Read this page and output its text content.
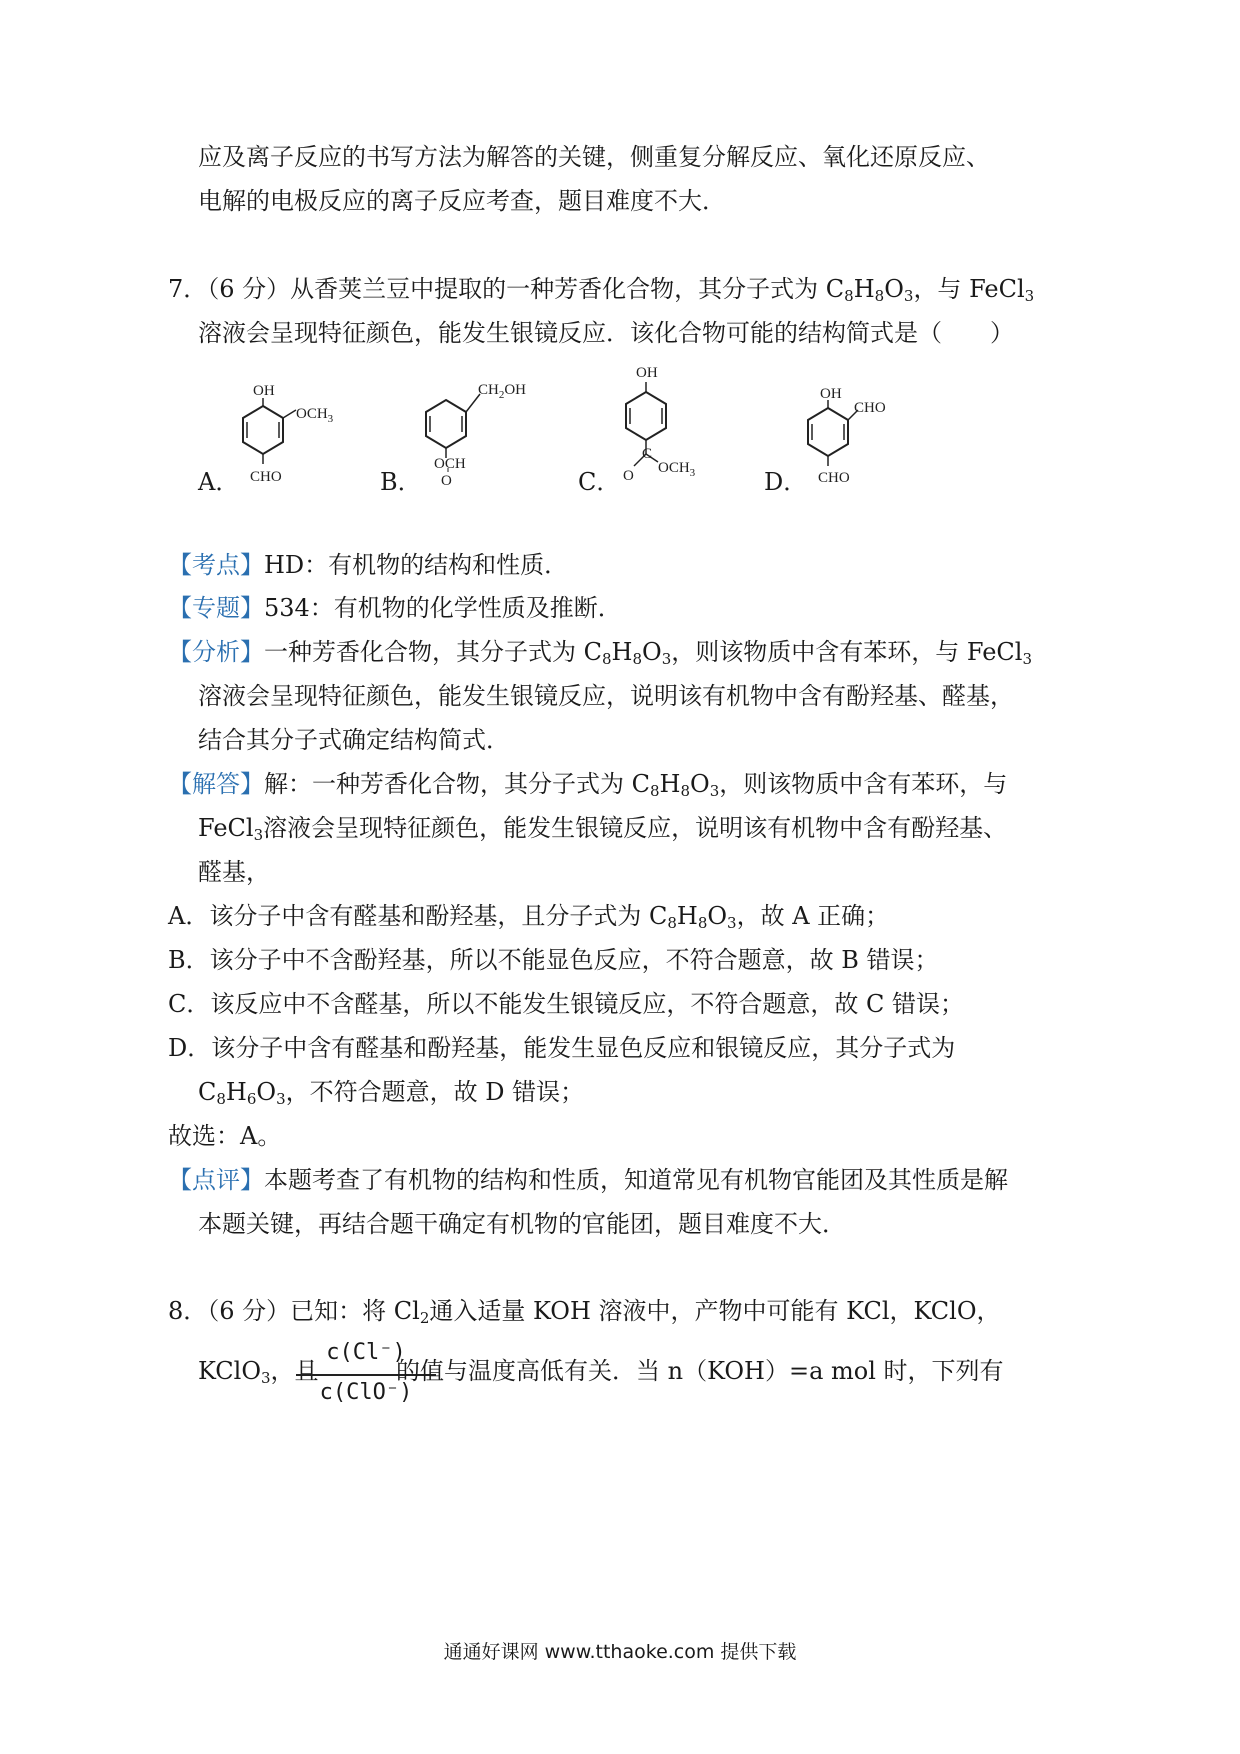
应及离子反应的书写方法为解答的关键，侧重复分解反应、氧化还原反应、
电解的电极反应的离子反应考查，题目难度不大．
7．（6 分）从香荚兰豆中提取的一种芳香化合物，其分子式为 $C_8H_8O_3$，与 FeCl$_3$
溶液会呈现特征颜色，能发生银镜反应．该化合物可能的结构简式是（　　）
A．
OH
$OCH_3$
CHO	B．
$CH_2OH$
OCH
O	C．
OH
C
O $OCH_3$	D．
OH
CHO
CHO
【考点】HD：有机物的结构和性质．
【专题】534：有机物的化学性质及推断．
【分析】一种芳香化合物，其分子式为 $C_8H_8O_3$，则该物质中含有苯环，与 FeCl$_3$
溶液会呈现特征颜色，能发生银镜反应，说明该有机物中含有酚羟基、醛基，
结合其分子式确定结构简式．
【解答】解：一种芳香化合物，其分子式为 $C_8H_8O_3$，则该物质中含有苯环，与
FeCl$_3$溶液会呈现特征颜色，能发生银镜反应，说明该有机物中含有酚羟基、
醛基，
A．该分子中含有醛基和酚羟基，且分子式为 $C_8H_8O_3$，故 A 正确；
B．该分子中不含酚羟基，所以不能显色反应，不符合题意，故 B 错误；
C．该反应中不含醛基，所以不能发生银镜反应，不符合题意，故 C 错误；
D．该分子中含有醛基和酚羟基，能发生显色反应和银镜反应，其分子式为
$C_8H_6O_3$，不符合题意，故 D 错误；
故选：A。
【点评】本题考查了有机物的结构和性质，知道常见有机物官能团及其性质是解
本题关键，再结合题干确定有机物的官能团，题目难度不大．
8．（6 分）已知：将 $Cl_2$通入适量 KOH 溶液中，产物中可能有 KCl，KClO，
KClO$_3$，且
c(Cl⁻)
c(ClO⁻)
的值与温度高低有关．当 n（KOH）=a mol 时，下列有
通通好课网 www.tthaoke.com 提供下载
